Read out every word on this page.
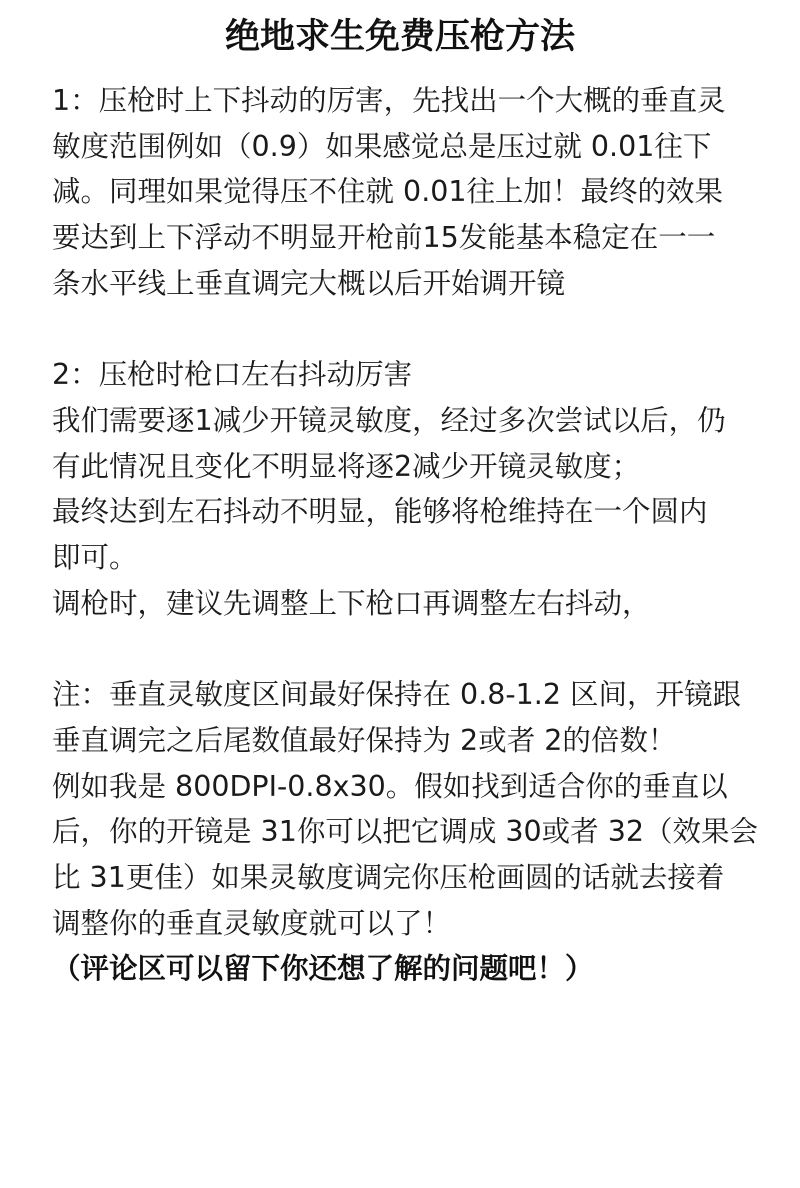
绝地求生免费压枪方法
1：压枪时上下抖动的厉害，先找出一个大概的垂直灵
敏度范围例如（0.9）如果感觉总是压过就 0.01往下
减。同理如果觉得压不住就 0.01往上加！最终的效果
要达到上下浮动不明显开枪前15发能基本稳定在一一
条水平线上垂直调完大概以后开始调开镜
2：压枪时枪口左右抖动厉害
我们需要逐1减少开镜灵敏度，经过多次尝试以后，仍
有此情况且变化不明显将逐2减少开镜灵敏度；
最终达到左石抖动不明显，能够将枪维持在一个圆内
即可。
调枪时，建议先调整上下枪口再调整左右抖动，
注：垂直灵敏度区间最好保持在 0.8-1.2 区间，开镜跟
垂直调完之后尾数值最好保持为 2或者 2的倍数！
例如我是 800DPI-0.8x30。假如找到适合你的垂直以
后，你的开镜是 31你可以把它调成 30或者 32（效果会
比 31更佳）如果灵敏度调完你压枪画圆的话就去接着
调整你的垂直灵敏度就可以了！
（评论区可以留下你还想了解的问题吧！）
